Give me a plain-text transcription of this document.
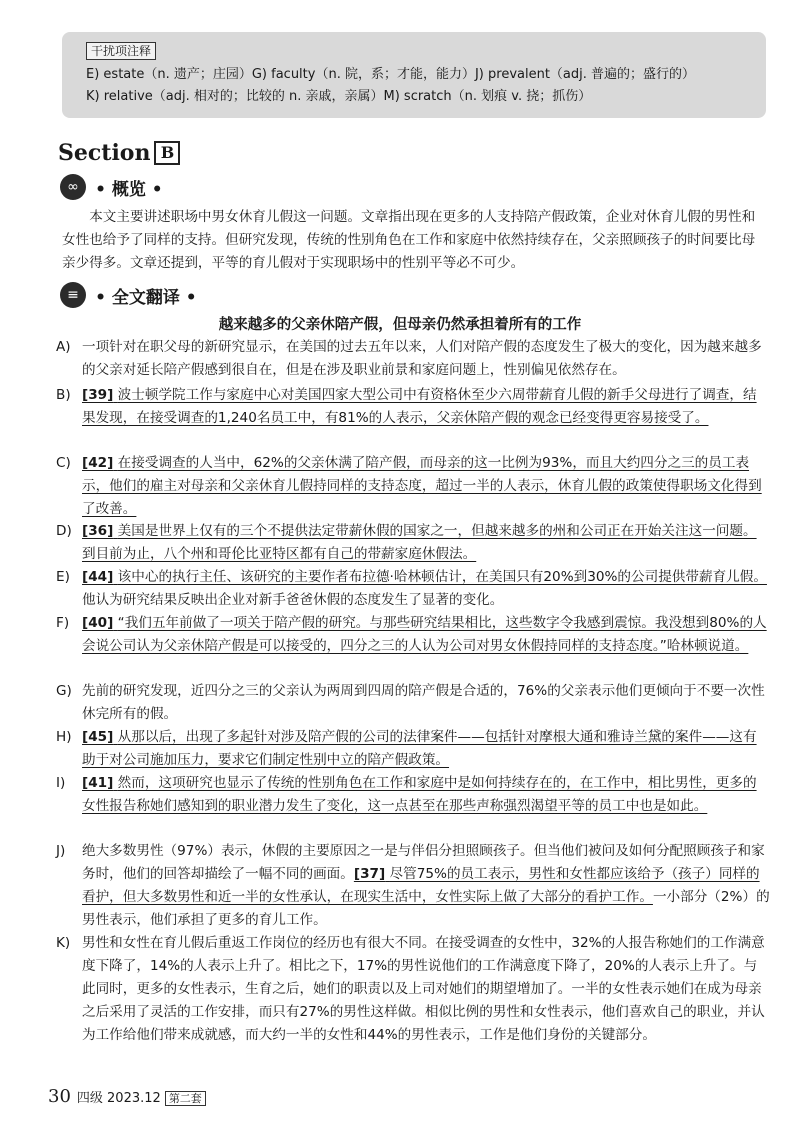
干扰项注释
E) estate（n. 遗产；庄园）G) faculty（n. 院，系；才能，能力）J) prevalent（adj. 普遍的；盛行的）
K) relative（adj. 相对的；比较的 n. 亲戚，亲属）M) scratch（n. 划痕 v. 挠；抓伤）
Section B
∞ • 概览 •

本文主要讲述职场中男女休育儿假这一问题。文章指出现在更多的人支持陪产假政策，企业对休育儿假的男性和女性也给予了同样的支持。但研究发现，传统的性别角色在工作和家庭中依然持续存在，父亲照顾孩子的时间要比母亲少得多。文章还提到，平等的育儿假对于实现职场中的性别平等必不可少。

≡ • 全文翻译 •
越来越多的父亲休陪产假，但母亲仍然承担着所有的工作
A) 一项针对在职父母的新研究显示，在美国的过去五年以来，人们对陪产假的态度发生了极大的变化，因为越来越多的父亲对延长陪产假感到很自在，但是在涉及职业前景和家庭问题上，性别偏见依然存在。
B) [39] 波士顿学院工作与家庭中心对美国四家大型公司中有资格休至少六周带薪育儿假的新手父母进行了调查，结果发现，在接受调查的1,240名员工中，有81%的人表示，父亲休陪产假的观念已经变得更容易接受了。
C) [42] 在接受调查的人当中，62%的父亲休满了陪产假，而母亲的这一比例为93%，而且大约四分之三的员工表示，他们的雇主对母亲和父亲休育儿假持同样的支持态度，超过一半的人表示，休育儿假的政策使得职场文化得到了改善。
D) [36] 美国是世界上仅有的三个不提供法定带薪休假的国家之一，但越来越多的州和公司正在开始关注这一问题。到目前为止，八个州和哥伦比亚特区都有自己的带薪家庭休假法。
E) [44] 该中心的执行主任、该研究的主要作者布拉德·哈林顿估计，在美国只有20%到30%的公司提供带薪育儿假。他认为研究结果反映出企业对新手爸爸休假的态度发生了显著的变化。
F) [40] “我们五年前做了一项关于陪产假的研究。与那些研究结果相比，这些数字令我感到震惊。我没想到80%的人会说公司认为父亲休陪产假是可以接受的，四分之三的人认为公司对男女休假持同样的支持态度。”哈林顿说道。
G) 先前的研究发现，近四分之三的父亲认为两周到四周的陪产假是合适的，76%的父亲表示他们更倾向于不要一次性休完所有的假。
H) [45] 从那以后，出现了多起针对涉及陪产假的公司的法律案件——包括针对摩根大通和雅诗兰黛的案件——这有助于对公司施加压力，要求它们制定性别中立的陪产假政策。
I)	[41] 然而，这项研究也显示了传统的性别角色在工作和家庭中是如何持续存在的，在工作中，相比男性，更多的女性报告称她们感知到的职业潜力发生了变化，这一点甚至在那些声称强烈渴望平等的员工中也是如此。
J)	绝大多数男性（97%）表示，休假的主要原因之一是与伴侣分担照顾孩子。但当他们被问及如何分配照顾孩子和家务时，他们的回答却描绘了一幅不同的画面。[37] 尽管75%的员工表示，男性和女性都应该给予（孩子）同样的看护，但大多数男性和近一半的女性承认，在现实生活中，女性实际上做了大部分的看护工作。一小部分（2%）的男性表示，他们承担了更多的育儿工作。
K) 男性和女性在育儿假后重返工作岗位的经历也有很大不同。在接受调查的女性中，32%的人报告称她们的工作满意度下降了，14%的人表示上升了。相比之下，17%的男性说他们的工作满意度下降了，20%的人表示上升了。与此同时，更多的女性表示，生育之后，她们的职责以及上司对她们的期望增加了。一半的女性表示她们在成为母亲之后采用了灵活的工作安排，而只有27%的男性这样做。相似比例的男性和女性表示，他们喜欢自己的职业，并认为工作给他们带来成就感，而大约一半的女性和44%的男性表示，工作是他们身份的关键部分。
30 四级 2023.12 第二套
